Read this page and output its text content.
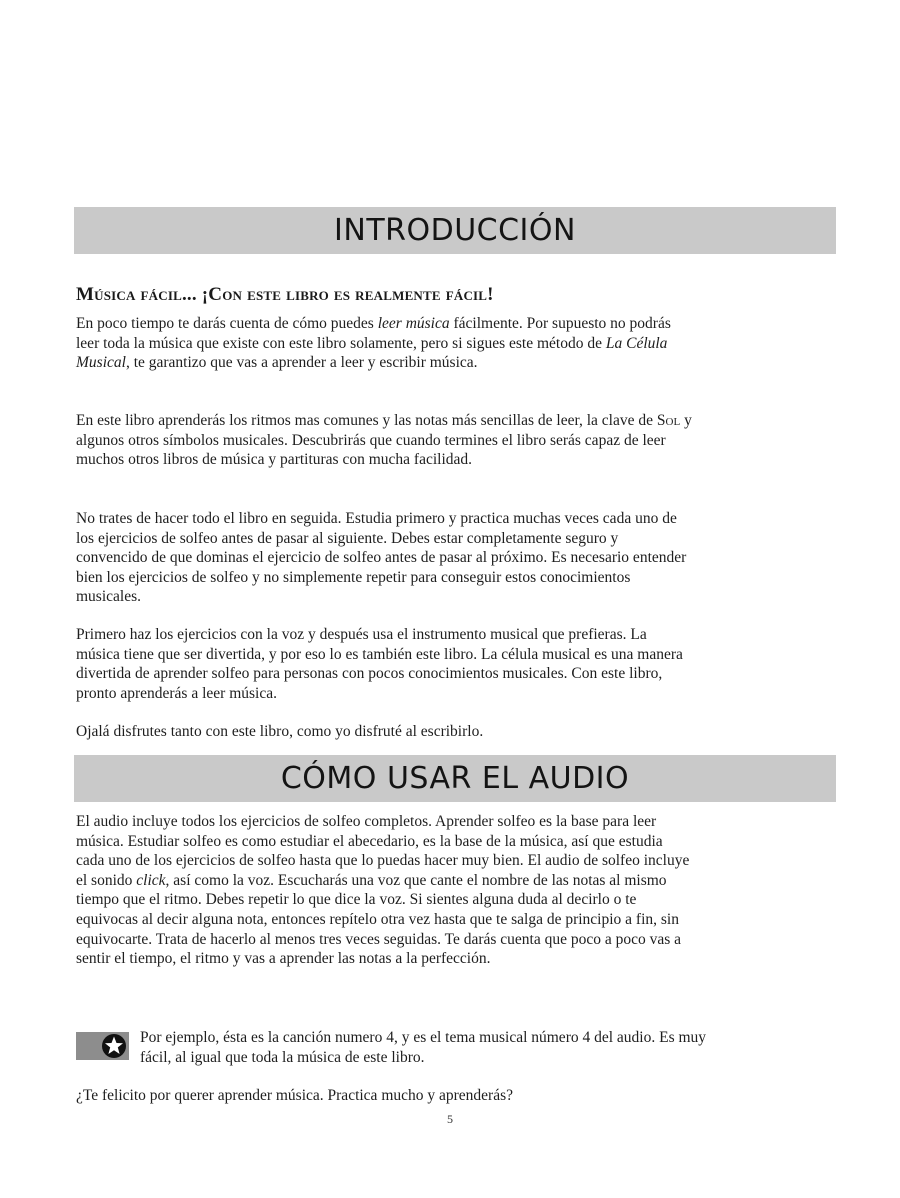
INTRODUCCIÓN
Música fácil... ¡Con este libro es realmente fácil!

En poco tiempo te darás cuenta de cómo puedes leer música fácilmente. Por supuesto no podrás leer toda la música que existe con este libro solamente, pero si sigues este método de La Célula Musical, te garantizo que vas a aprender a leer y escribir música.

En este libro aprenderás los ritmos mas comunes y las notas más sencillas de leer, la clave de Sol y algunos otros símbolos musicales. Descubrirás que cuando termines el libro serás capaz de leer muchos otros libros de música y partituras con mucha facilidad.

No trates de hacer todo el libro en seguida. Estudia primero y practica muchas veces cada uno de los ejercicios de solfeo antes de pasar al siguiente. Debes estar completamente seguro y convencido de que dominas el ejercicio de solfeo antes de pasar al próximo. Es necesario entender bien los ejercicios de solfeo y no simplemente repetir para conseguir estos conocimientos musicales.

Primero haz los ejercicios con la voz y después usa el instrumento musical que prefieras. La música tiene que ser divertida, y por eso lo es también este libro. La célula musical es una manera divertida de aprender solfeo para personas con pocos conocimientos musicales. Con este libro, pronto aprenderás a leer música.

Ojalá disfrutes tanto con este libro, como yo disfruté al escribirlo.

CÓMO USAR EL AUDIO

El audio incluye todos los ejercicios de solfeo completos. Aprender solfeo es la base para leer música. Estudiar solfeo es como estudiar el abecedario, es la base de la música, así que estudia cada uno de los ejercicios de solfeo hasta que lo puedas hacer muy bien. El audio de solfeo incluye el sonido click, así como la voz. Escucharás una voz que cante el nombre de las notas al mismo tiempo que el ritmo. Debes repetir lo que dice la voz. Si sientes alguna duda al decirlo o te equivocas al decir alguna nota, entonces repítelo otra vez hasta que te salga de principio a fin, sin equivocarte. Trata de hacerlo al menos tres veces seguidas. Te darás cuenta que poco a poco vas a sentir el tiempo, el ritmo y vas a aprender las notas a la perfección.

Por ejemplo, ésta es la canción numero 4, y es el tema musical número 4 del audio. Es muy fácil, al igual que toda la música de este libro.

¿Te felicito por querer aprender música. Practica mucho y aprenderás?

5
